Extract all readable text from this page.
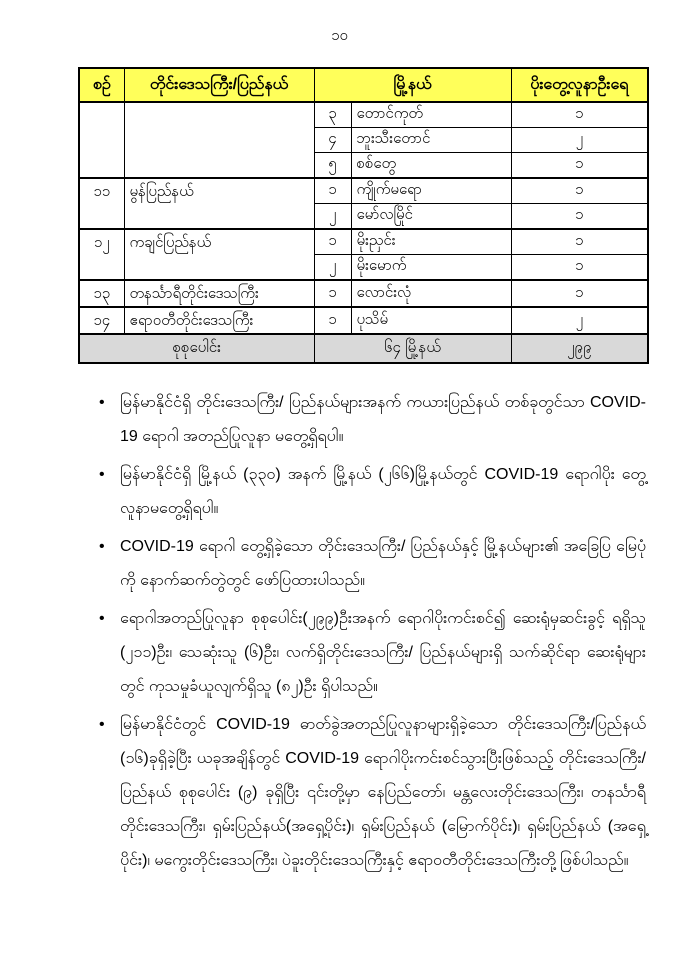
၁၀
စဉ်	တိုင်းဒေသကြီး/ပြည်နယ်	မြို့နယ်		ပိုးတွေ့လူနာဦးရေ
		၃	တောင်ကုတ်	၁
		၄	ဘူးသီးတောင်	၂
		၅	စစ်တွေ	၁
၁၁	မွန်ပြည်နယ်	၁	ကျိုက်မရော	၁
		၂	မော်လမြိုင်	၁
၁၂	ကချင်ပြည်နယ်	၁	မိုးညှင်း	၁
		၂	မိုးမောက်	၁
၁၃	တနင်္သာရီတိုင်းဒေသကြီး	၁	လောင်းလုံ	၁
၁၄	ဧရာဝတီတိုင်းဒေသကြီး	၁	ပုသိမ်	၂
စုစုပေါင်း		၆၄ မြို့နယ်		၂၉၉
• မြန်မာနိုင်ငံရှိ တိုင်းဒေသကြီး/ ပြည်နယ်များအနက် ကယားပြည်နယ် တစ်ခုတွင်သာ COVID-19 ရောဂါ အတည်ပြုလူနာ မတွေ့ရှိရပါ။
• မြန်မာနိုင်ငံရှိ မြို့နယ် (၃၃၀) အနက် မြို့နယ် (၂၆၆)မြို့နယ်တွင် COVID-19 ရောဂါပိုး တွေ့လူနာမတွေ့ရှိရပါ။
• COVID-19 ရောဂါ တွေ့ရှိခဲ့သော တိုင်းဒေသကြီး/ ပြည်နယ်နှင့် မြို့နယ်များ၏ အခြေပြ မြေပုံကို နောက်ဆက်တွဲတွင် ဖော်ပြထားပါသည်။
• ရောဂါအတည်ပြုလူနာ စုစုပေါင်း(၂၉၉)ဦးအနက် ရောဂါပိုးကင်းစင်၍ ဆေးရုံမှဆင်းခွင့် ရရှိသူ (၂၁၁)ဦး၊ သေဆုံးသူ (၆)ဦး၊ လက်ရှိတိုင်းဒေသကြီး/ ပြည်နယ်များရှိ သက်ဆိုင်ရာ ဆေးရုံများ တွင် ကုသမှုခံယူလျက်ရှိသူ (၈၂)ဦး ရှိပါသည်။
• မြန်မာနိုင်ငံတွင် COVID-19 ဓာတ်ခွဲအတည်ပြုလူနာများရှိခဲ့သော တိုင်းဒေသကြီး/ပြည်နယ် (၁၆)ခုရှိခဲ့ပြီး ယခုအချိန်တွင် COVID-19 ရောဂါပိုးကင်းစင်သွားပြီးဖြစ်သည့် တိုင်းဒေသကြီး/ ပြည်နယ် စုစုပေါင်း (၉) ခုရှိပြီး ၎င်းတို့မှာ နေပြည်တော်၊ မန္တလေးတိုင်းဒေသကြီး၊ တနင်္သာရီ တိုင်းဒေသကြီး၊ ရှမ်းပြည်နယ်(အရှေ့ပိုင်း)၊ ရှမ်းပြည်နယ် (မြောက်ပိုင်း)၊ ရှမ်းပြည်နယ် (အရှေ့ ပိုင်း)၊ မကွေးတိုင်းဒေသကြီး၊ ပဲခူးတိုင်းဒေသကြီးနှင့် ဧရာဝတီတိုင်းဒေသကြီးတို့ဖြစ်ပါသည်။
